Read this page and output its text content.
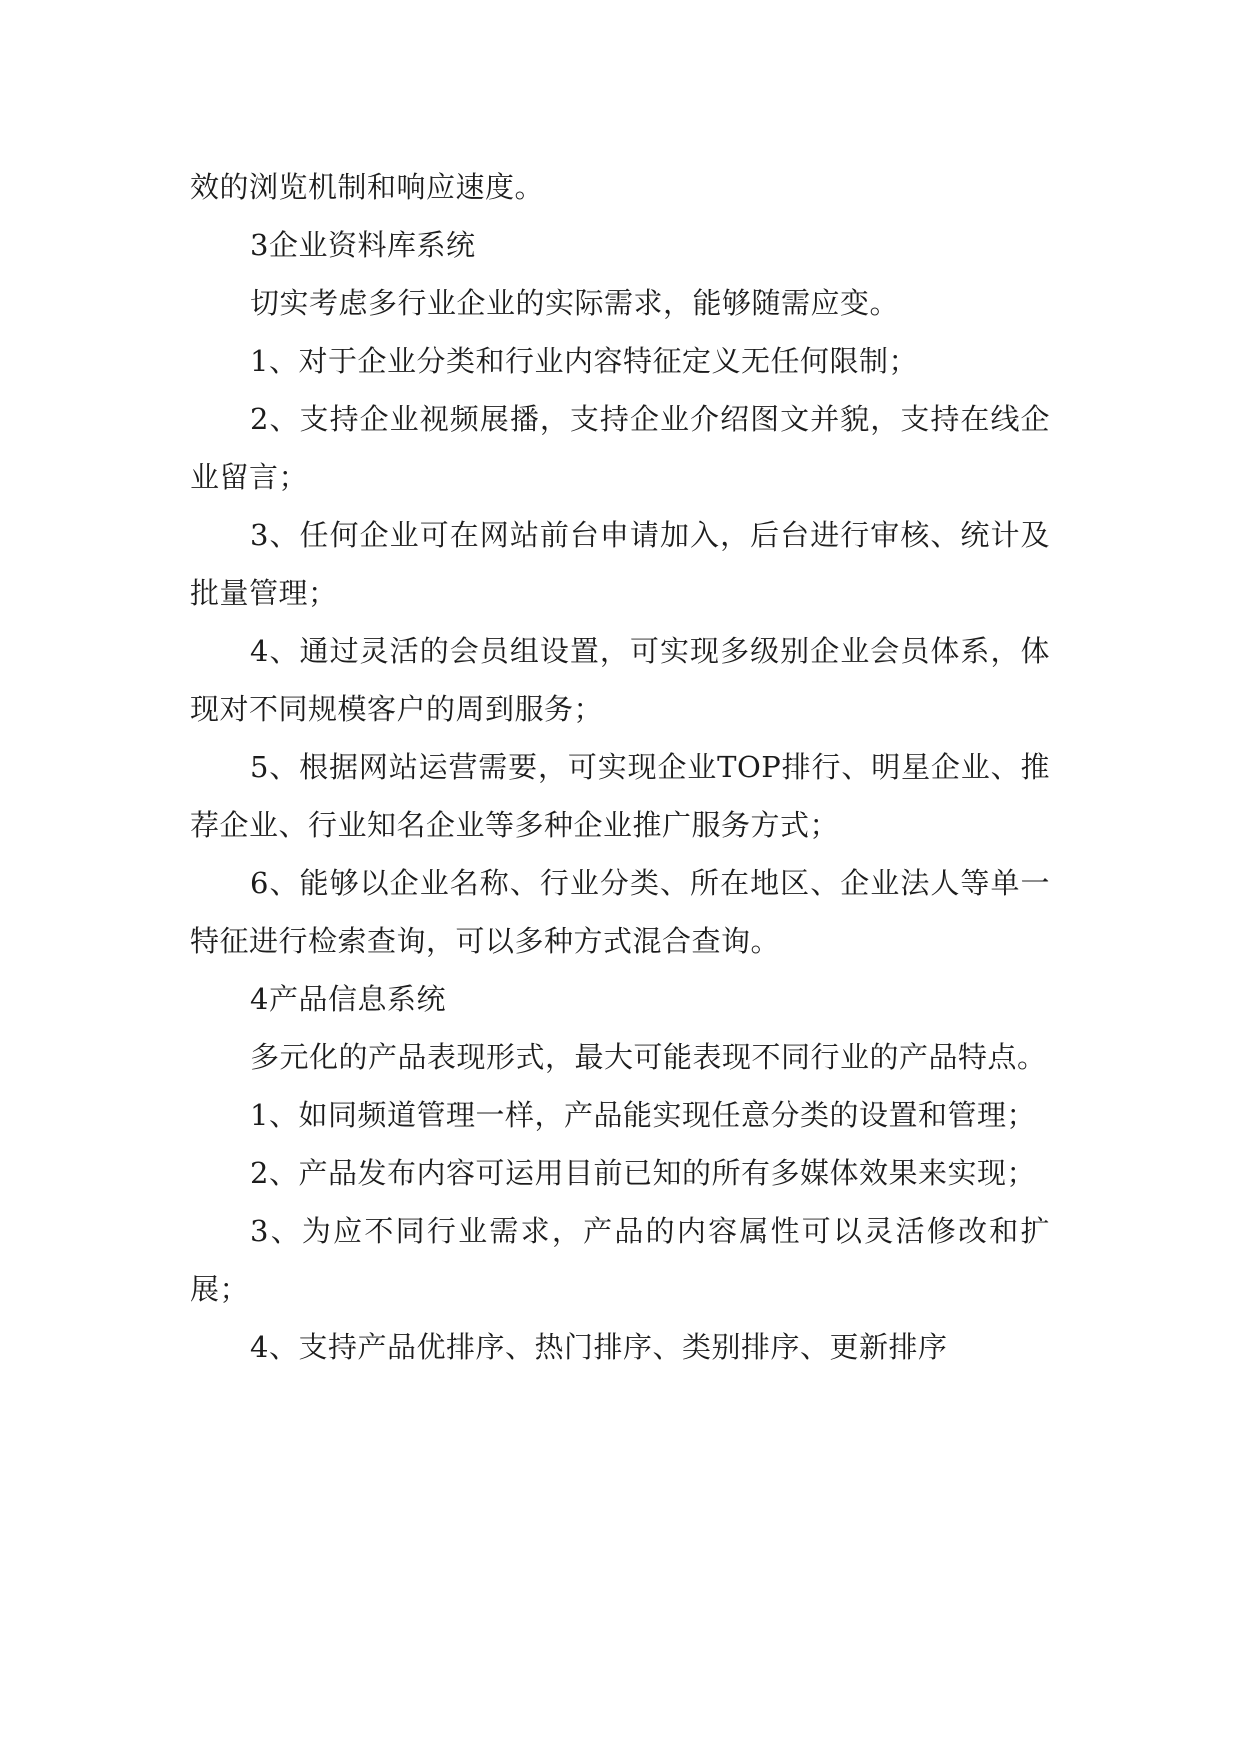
效的浏览机制和响应速度。

3企业资料库系统

切实考虑多行业企业的实际需求，能够随需应变。

1、对于企业分类和行业内容特征定义无任何限制；

2、支持企业视频展播，支持企业介绍图文并貌，支持在线企业留言；

3、任何企业可在网站前台申请加入，后台进行审核、统计及批量管理；

4、通过灵活的会员组设置，可实现多级别企业会员体系，体现对不同规模客户的周到服务；

5、根据网站运营需要，可实现企业TOP排行、明星企业、推荐企业、行业知名企业等多种企业推广服务方式；

6、能够以企业名称、行业分类、所在地区、企业法人等单一特征进行检索查询，可以多种方式混合查询。

4产品信息系统

多元化的产品表现形式，最大可能表现不同行业的产品特点。

1、如同频道管理一样，产品能实现任意分类的设置和管理；

2、产品发布内容可运用目前已知的所有多媒体效果来实现；

3、为应不同行业需求，产品的内容属性可以灵活修改和扩展；

4、支持产品优排序、热门排序、类别排序、更新排序
